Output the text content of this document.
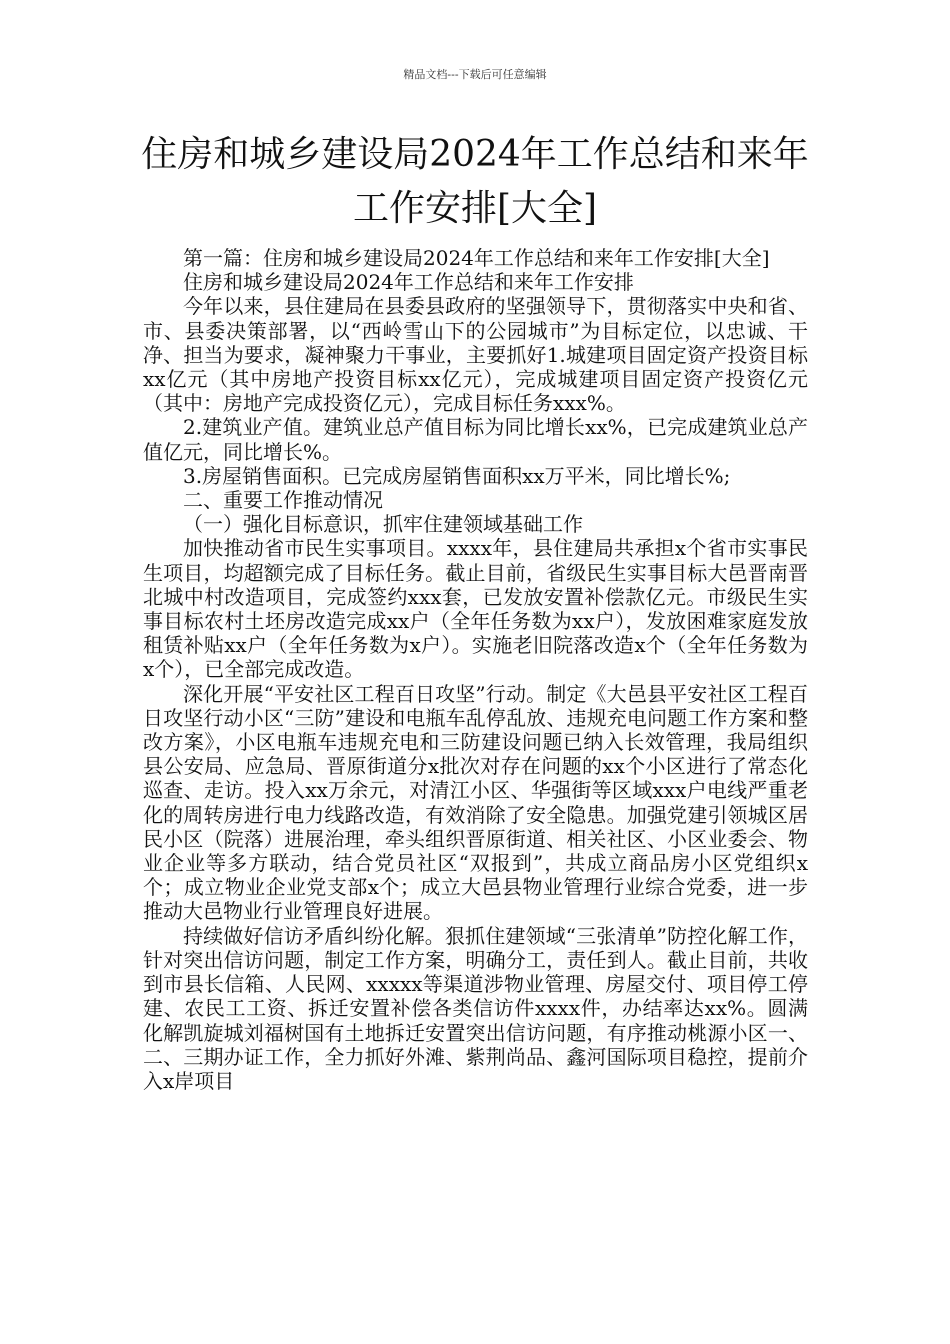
精品文档---下载后可任意编辑
住房和城乡建设局2024年工作总结和来年
工作安排[大全]

第一篇：住房和城乡建设局2024年工作总结和来年工作安排[大全]

住房和城乡建设局2024年工作总结和来年工作安排

今年以来，县住建局在县委县政府的坚强领导下，贯彻落实中央和省、市、县委决策部署，以“西岭雪山下的公园城市”为目标定位，以忠诚、干净、担当为要求，凝神聚力干事业，主要抓好1.城建项目固定资产投资目标xx亿元（其中房地产投资目标xx亿元），完成城建项目固定资产投资亿元（其中：房地产完成投资亿元），完成目标任务xxx%。

2.建筑业产值。建筑业总产值目标为同比增长xx%，已完成建筑业总产值亿元，同比增长%。

3.房屋销售面积。已完成房屋销售面积xx万平米，同比增长%;

二、重要工作推动情况

（一）强化目标意识，抓牢住建领域基础工作

加快推动省市民生实事项目。xxxx年，县住建局共承担x个省市实事民生项目，均超额完成了目标任务。截止目前，省级民生实事目标大邑晋南晋北城中村改造项目，完成签约xxx套，已发放安置补偿款亿元。市级民生实事目标农村土坯房改造完成xx户（全年任务数为xx户），发放困难家庭发放租赁补贴xx户（全年任务数为x户）。实施老旧院落改造x个（全年任务数为x个），已全部完成改造。

深化开展“平安社区工程百日攻坚”行动。制定《大邑县平安社区工程百日攻坚行动小区“三防”建设和电瓶车乱停乱放、违规充电问题工作方案和整改方案》，小区电瓶车违规充电和三防建设问题已纳入长效管理，我局组织县公安局、应急局、晋原街道分x批次对存在问题的xx个小区进行了常态化巡查、走访。投入xx万余元，对清江小区、华强街等区域xxx户电线严重老化的周转房进行电力线路改造，有效消除了安全隐患。加强党建引领城区居民小区（院落）进展治理，牵头组织晋原街道、相关社区、小区业委会、物业企业等多方联动，结合党员社区“双报到”，共成立商品房小区党组织x个；成立物业企业党支部x个；成立大邑县物业管理行业综合党委，进一步推动大邑物业行业管理良好进展。

持续做好信访矛盾纠纷化解。狠抓住建领域“三张清单”防控化解工作，针对突出信访问题，制定工作方案，明确分工，责任到人。截止目前，共收到市县长信箱、人民网、xxxxx等渠道涉物业管理、房屋交付、项目停工停建、农民工工资、拆迁安置补偿各类信访件xxxx件，办结率达xx%。圆满化解凯旋城刘福树国有土地拆迁安置突出信访问题，有序推动桃源小区一、二、三期办证工作，全力抓好外滩、紫荆尚品、鑫河国际项目稳控，提前介入x岸项目
